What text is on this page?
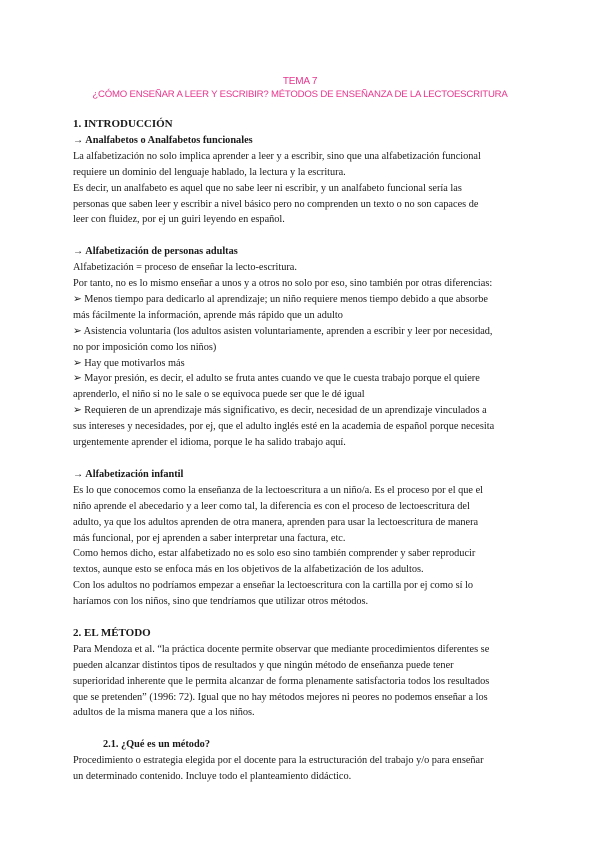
TEMA 7
¿CÓMO ENSEÑAR A LEER Y ESCRIBIR? MÉTODOS DE ENSEÑANZA DE LA LECTOESCRITURA

1. INTRODUCCIÓN

→ Analfabetos o Analfabetos funcionales

La alfabetización no solo implica aprender a leer y a escribir, sino que una alfabetización funcional

requiere un dominio del lenguaje hablado, la lectura y la escritura.

Es decir, un analfabeto es aquel que no sabe leer ni escribir, y un analfabeto funcional sería las

personas que saben leer y escribir a nivel básico pero no comprenden un texto o no son capaces de

leer con fluidez, por ej un guiri leyendo en español.

→ Alfabetización de personas adultas

Alfabetización = proceso de enseñar la lecto-escritura.

Por tanto, no es lo mismo enseñar a unos y a otros no solo por eso, sino también por otras diferencias:

➢ Menos tiempo para dedicarlo al aprendizaje; un niño requiere menos tiempo debido a que absorbe

más fácilmente la información, aprende más rápido que un adulto

➢ Asistencia voluntaria (los adultos asisten voluntariamente, aprenden a escribir y leer por necesidad,

no por imposición como los niños)

➢ Hay que motivarlos más

➢ Mayor presión, es decir, el adulto se fruta antes cuando ve que le cuesta trabajo porque el quiere

aprenderlo, el niño si no le sale o se equivoca puede ser que le dé igual

➢ Requieren de un aprendizaje más significativo, es decir, necesidad de un aprendizaje vinculados a

sus intereses y necesidades, por ej, que el adulto inglés esté en la academia de español porque necesita

urgentemente aprender el idioma, porque le ha salido trabajo aquí.

→ Alfabetización infantil

Es lo que conocemos como la enseñanza de la lectoescritura a un niño/a. Es el proceso por el que el

niño aprende el abecedario y a leer como tal, la diferencia es con el proceso de lectoescritura del

adulto, ya que los adultos aprenden de otra manera, aprenden para usar la lectoescritura de manera

más funcional, por ej aprenden a saber interpretar una factura, etc.

Como hemos dicho, estar alfabetizado no es solo eso sino también comprender y saber reproducir

textos, aunque esto se enfoca más en los objetivos de la alfabetización de los adultos.

Con los adultos no podríamos empezar a enseñar la lectoescritura con la cartilla por ej como sí lo

haríamos con los niños, sino que tendríamos que utilizar otros métodos.

2. EL MÉTODO

Para Mendoza et al. “la práctica docente permite observar que mediante procedimientos diferentes se

pueden alcanzar distintos tipos de resultados y que ningún método de enseñanza puede tener

superioridad inherente que le permita alcanzar de forma plenamente satisfactoria todos los resultados

que se pretenden” (1996: 72). Igual que no hay métodos mejores ni peores no podemos enseñar a los

adultos de la misma manera que a los niños.

2.1. ¿Qué es un método?

Procedimiento o estrategia elegida por el docente para la estructuración del trabajo y/o para enseñar

un determinado contenido. Incluye todo el planteamiento didáctico.
